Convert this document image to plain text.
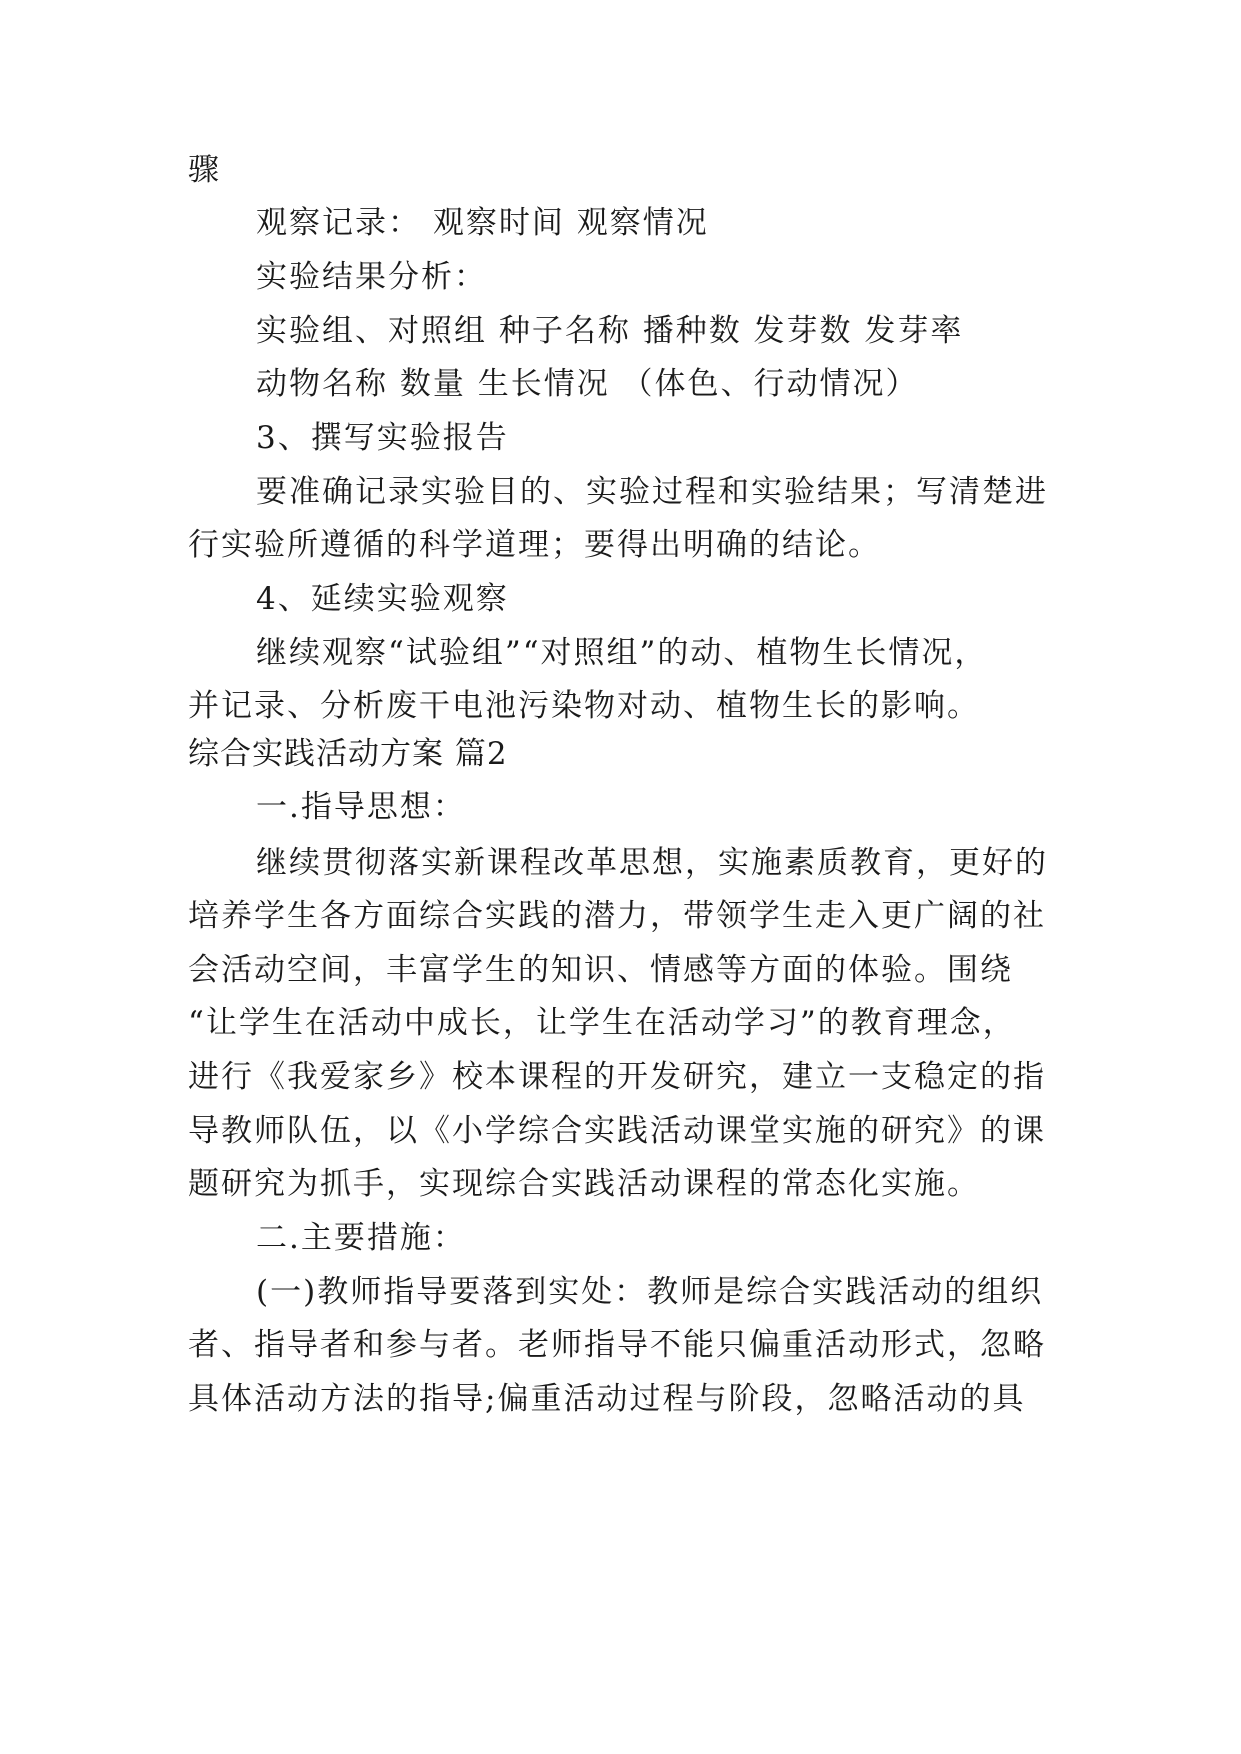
骤
观察记录： 观察时间 观察情况
实验结果分析：
实验组、对照组 种子名称 播种数 发芽数 发芽率
动物名称 数量 生长情况 （体色、行动情况）
3、撰写实验报告
要准确记录实验目的、实验过程和实验结果；写清楚进
行实验所遵循的科学道理；要得出明确的结论。
4、延续实验观察
继续观察“试验组”“对照组”的动、植物生长情况，
并记录、分析废干电池污染物对动、植物生长的影响。
综合实践活动方案 篇2
一.指导思想：
继续贯彻落实新课程改革思想，实施素质教育，更好的
培养学生各方面综合实践的潜力，带领学生走入更广阔的社
会活动空间，丰富学生的知识、情感等方面的体验。围绕
“让学生在活动中成长，让学生在活动学习”的教育理念，
进行《我爱家乡》校本课程的开发研究，建立一支稳定的指
导教师队伍，以《小学综合实践活动课堂实施的研究》的课
题研究为抓手，实现综合实践活动课程的常态化实施。
二.主要措施：
(一)教师指导要落到实处：教师是综合实践活动的组织
者、指导者和参与者。老师指导不能只偏重活动形式，忽略
具体活动方法的指导;偏重活动过程与阶段，忽略活动的具
